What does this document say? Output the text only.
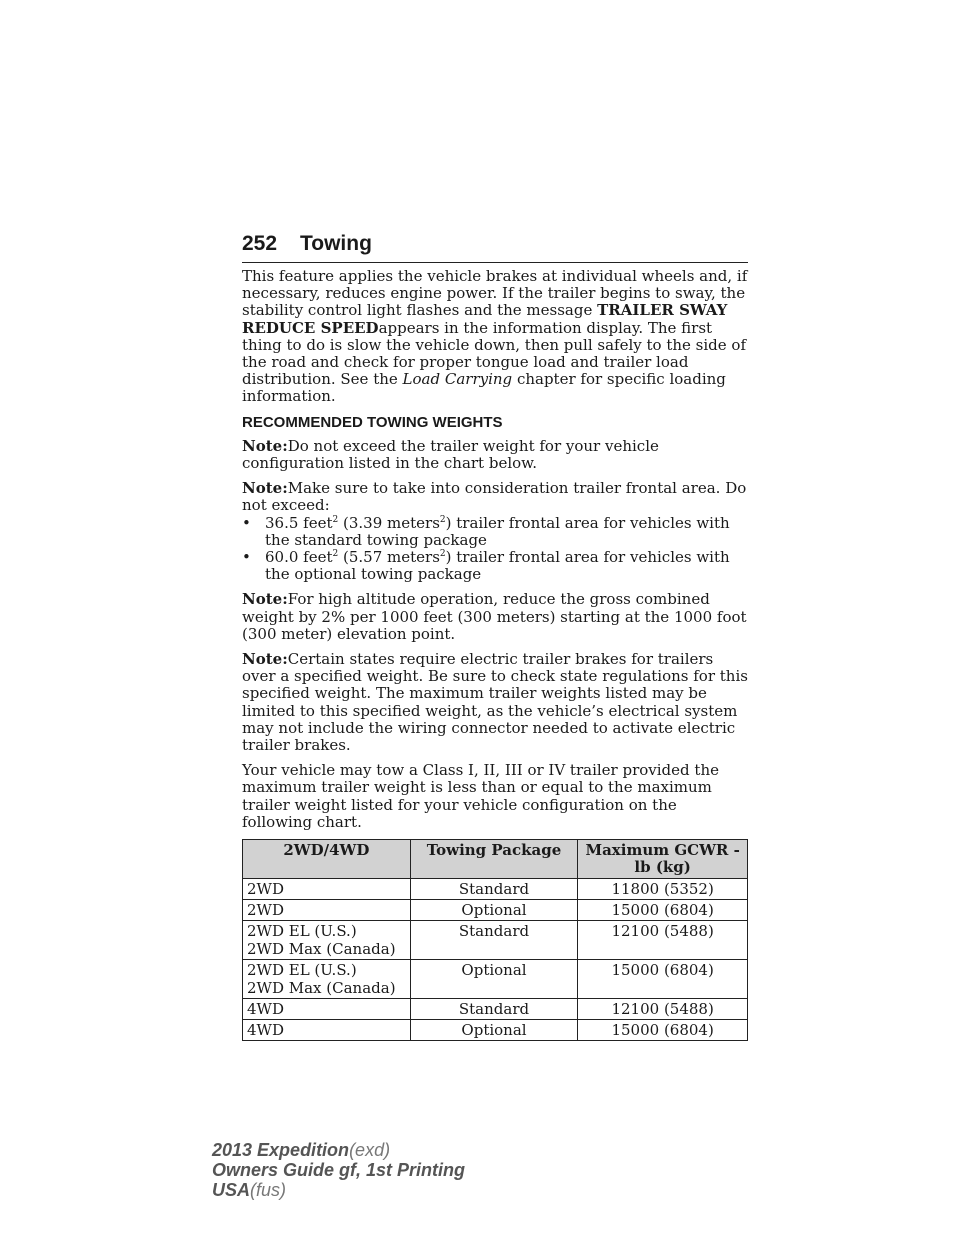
252 Towing

This feature applies the vehicle brakes at individual wheels and, if necessary, reduces engine power. If the trailer begins to sway, the stability control light flashes and the message TRAILER SWAY REDUCE SPEEDappears in the information display. The first thing to do is slow the vehicle down, then pull safely to the side of the road and check for proper tongue load and trailer load distribution. See the Load Carrying chapter for specific loading information.

RECOMMENDED TOWING WEIGHTS

Note:Do not exceed the trailer weight for your vehicle configuration listed in the chart below.

Note:Make sure to take into consideration trailer frontal area. Do not exceed:

• 36.5 feet$^2$ (3.39 meters$^2$) trailer frontal area for vehicles with the standard towing package
• 60.0 feet$^2$ (5.57 meters$^2$) trailer frontal area for vehicles with the optional towing package

Note:For high altitude operation, reduce the gross combined weight by 2% per 1000 feet (300 meters) starting at the 1000 foot (300 meter) elevation point.

Note:Certain states require electric trailer brakes for trailers over a specified weight. Be sure to check state regulations for this specified weight. The maximum trailer weights listed may be limited to this specified weight, as the vehicle’s electrical system may not include the wiring connector needed to activate electric trailer brakes.

Your vehicle may tow a Class I, II, III or IV trailer provided the maximum trailer weight is less than or equal to the maximum trailer weight listed for your vehicle configuration on the following chart.

2WD/4WD	Towing Package	Maximum GCWR - lb (kg)

2WD	Standard	11800 (5352)

2WD	Optional	15000 (6804)

2WD EL (U.S.)
2WD Max (Canada)	Standard	12100 (5488)

2WD EL (U.S.)
2WD Max (Canada)	Optional	15000 (6804)

4WD	Standard	12100 (5488)

4WD	Optional	15000 (6804)
2013 Expedition(exd)
Owners Guide gf, 1st Printing
USA(fus)
